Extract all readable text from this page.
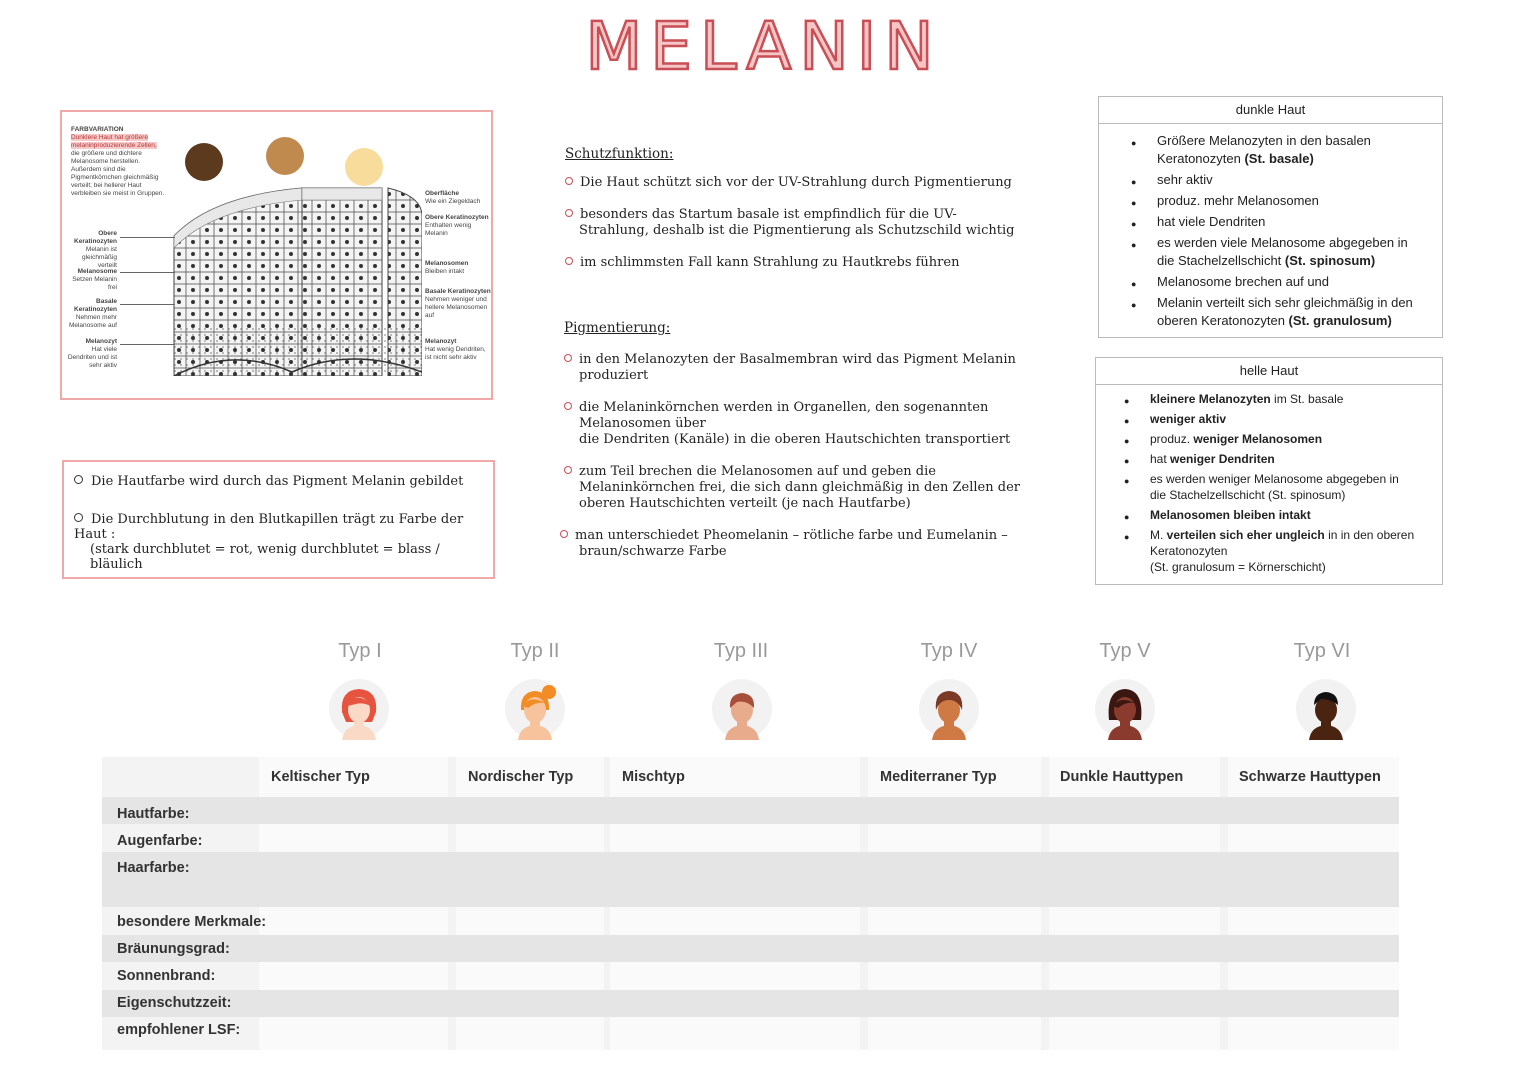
MELANIN
FARBVARIATION
Dunklere Haut hat größere melaninproduzierende Zellen, die größere und dichtere Melanosome herstellen. Außerdem sind die Pigmentkörnchen gleichmäßig verteilt; bei hellerer Haut verbleiben sie meist in Gruppen.
Obere Keratinozyten
Melanin ist gleichmäßig verteilt
Melanosome
Setzen Melanin frei
Basale Keratinozyten
Nehmen mehr Melanosome auf
Melanozyt
Hat viele Dendriten und ist sehr aktiv
Oberfläche
Wie ein Ziegeldach
Obere Keratinozyten
Enthalten wenig Melanin
Melanosomen
Bleiben intakt
Basale Keratinozyten
Nehmen weniger und hellere Melanosomen auf
Melanozyt
Hat wenig Dendriten, ist nicht sehr aktiv
Die Hautfarbe wird durch das Pigment Melanin gebildet
Die Durchblutung in den Blutkapillen trägt zu Farbe der Haut :
(stark durchblutet = rot, wenig durchblutet = blass / bläulich
Schutzfunktion:
Die Haut schützt sich vor der UV-Strahlung durch Pigmentierung
besonders das Startum basale ist empfindlich für die UV-
Strahlung, deshalb ist die Pigmentierung als Schutzschild wichtig
im schlimmsten Fall kann Strahlung zu Hautkrebs führen
Pigmentierung:
in den Melanozyten der Basalmembran wird das Pigment Melanin
produziert
die Melaninkörnchen werden in Organellen, den sogenannten
Melanosomen über
die Dendriten (Kanäle) in die oberen Hautschichten transportiert
zum Teil brechen die Melanosomen auf und geben die
Melaninkörnchen frei, die sich dann gleichmäßig in den Zellen der
oberen Hautschichten verteilt (je nach Hautfarbe)
man unterschiedet Pheomelanin – rötliche farbe und Eumelanin –
braun/schwarze Farbe
dunkle Haut
● Größere Melanozyten in den basalen
Keratonozyten (St. basale)
● sehr aktiv
● produz. mehr Melanosomen
● hat viele Dendriten
● es werden viele Melanosome abgegeben in
die Stachelzellschicht (St. spinosum)
● Melanosome brechen auf und
● Melanin verteilt sich sehr gleichmäßig in den
oberen Keratonozyten (St. granulosum)
helle Haut
● kleinere Melanozyten im St. basale
● weniger aktiv
● produz. weniger Melanosomen
● hat weniger Dendriten
● es werden weniger Melanosome abgegeben in
die Stachelzellschicht (St. spinosum)
● Melanosomen bleiben intakt
● M. verteilen sich eher ungleich in in den oberen
Keratonozyten
(St. granulosum = Körnerschicht)
Typ I	Typ II	Typ III	Typ IV	Typ V	Typ VI
Keltischer Typ	Nordischer Typ	Mischtyp	Mediterraner Typ	Dunkle Hauttypen	Schwarze Hauttypen
Hautfarbe:
Augenfarbe:
Haarfarbe:
besondere Merkmale:
Bräunungsgrad:
Sonnenbrand:
Eigenschutzzeit:
empfohlener LSF:
